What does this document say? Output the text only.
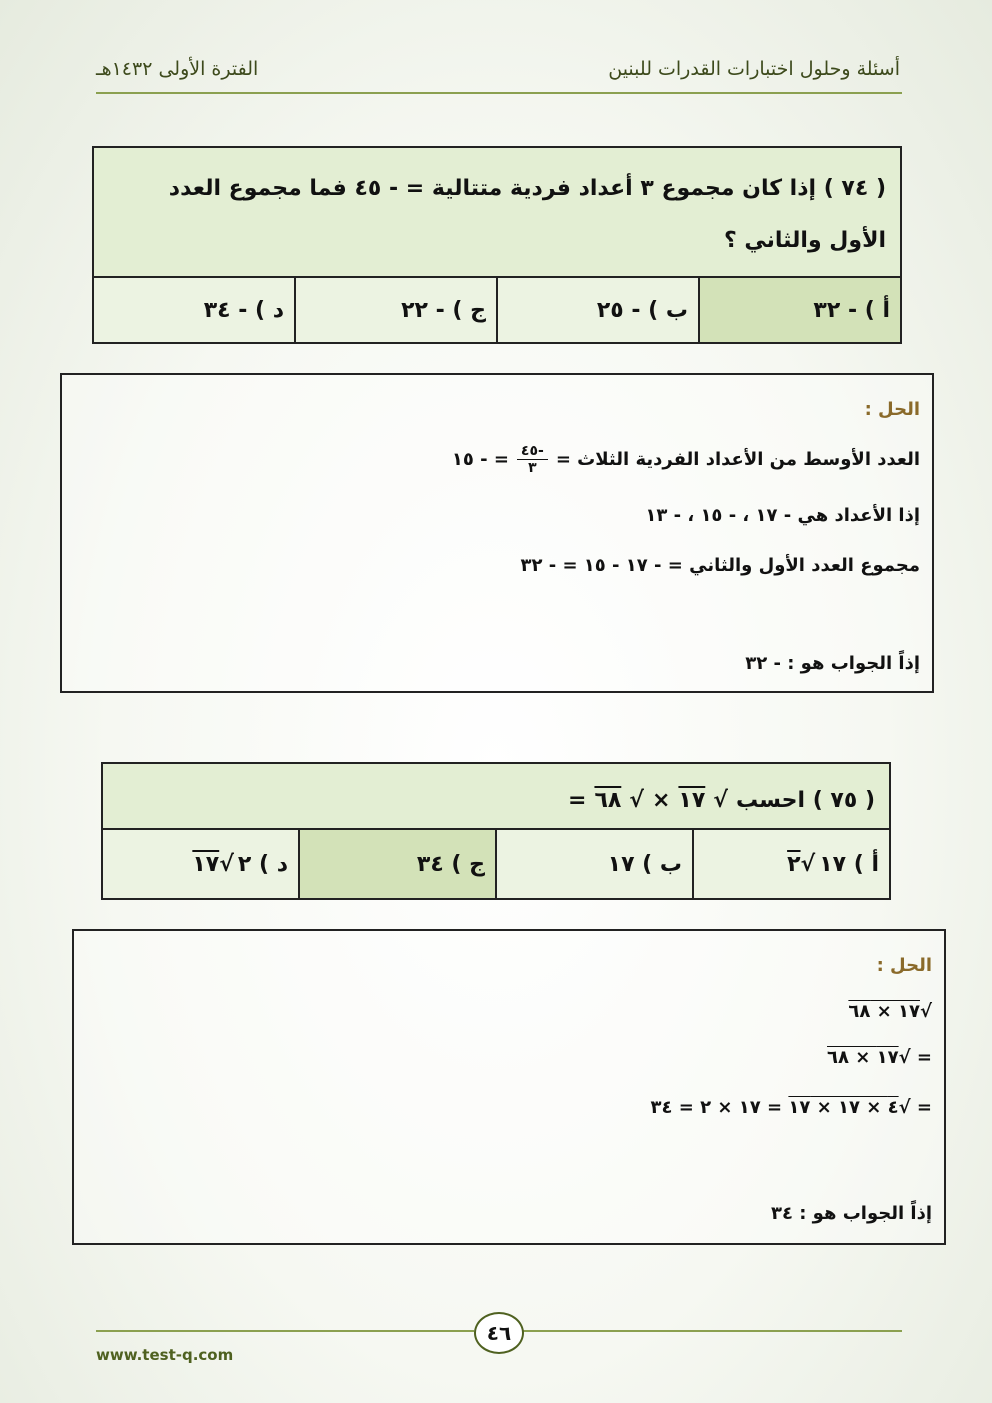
أسئلة وحلول اختبارات القدرات للبنين
الفترة الأولى ١٤٣٢هـ
( ٧٤ ) إذا كان مجموع ٣ أعداد فردية متتالية = - ٤٥ فما مجموع العدد
الأول والثاني ؟
أ ) - ٣٢
ب ) - ٢٥
ج ) - ٢٢
د ) - ٣٤
الحل :
العدد الأوسط من الأعداد الفردية الثلاث =
-٤٥
٣
= - ١٥
إذا الأعداد هي - ١٧ ، - ١٥ ، - ١٣
مجموع العدد الأول والثاني = - ١٧ - ١٥ = - ٣٢
إذاً الجواب هو : - ٣٢
( ٧٥ ) احسب
√
١٧
×
√
٦٨
=
أ ) ١٧
√
٢
ب ) ١٧
ج ) ٣٤
د ) ٢
√
١٧
الحل :
√١٧ × ٦٨
= √١٧ × ٦٨
= √٤ × ١٧ × ١٧ = ١٧ × ٢ = ٣٤
إذاً الجواب هو : ٣٤
٤٦
www.test-q.com
